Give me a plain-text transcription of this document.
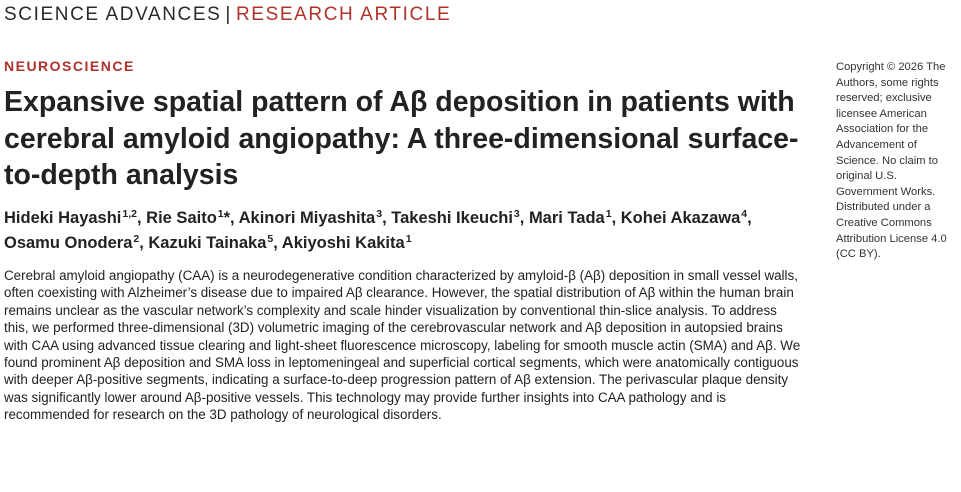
SCIENCE ADVANCES | RESEARCH ARTICLE
NEUROSCIENCE
Expansive spatial pattern of Aβ deposition in patients with cerebral amyloid angiopathy: A three-dimensional surface-to-depth analysis
Hideki Hayashi$^{1,2}$, Rie Saito$^1$*, Akinori Miyashita$^3$, Takeshi Ikeuchi$^3$, Mari Tada$^1$, Kohei Akazawa$^4$,
Osamu Onodera$^2$, Kazuki Tainaka$^5$, Akiyoshi Kakita$^1$

Cerebral amyloid angiopathy (CAA) is a neurodegenerative condition characterized by amyloid-β (Aβ) deposition in small vessel walls, often coexisting with Alzheimer’s disease due to impaired Aβ clearance. However, the spatial distribution of Aβ within the human brain remains unclear as the vascular network’s complexity and scale hinder visualization by conventional thin-slice analysis. To address this, we performed three-dimensional (3D) volumetric imaging of the cerebrovascular network and Aβ deposition in autopsied brains with CAA using advanced tissue clearing and light-sheet fluorescence microscopy, labeling for smooth muscle actin (SMA) and Aβ. We found prominent Aβ deposition and SMA loss in leptomeningeal and superficial cortical segments, which were anatomically contiguous with deeper Aβ-positive segments, indicating a surface-to-deep progression pattern of Aβ extension. The perivascular plaque density was significantly lower around Aβ-positive vessels. This technology may provide further insights into CAA pathology and is recommended for research on the 3D pathology of neurological disorders.

Copyright © 2026 The Authors, some rights reserved; exclusive licensee American Association for the Advancement of Science. No claim to original U.S. Government Works. Distributed under a Creative Commons Attribution License 4.0 (CC BY).
